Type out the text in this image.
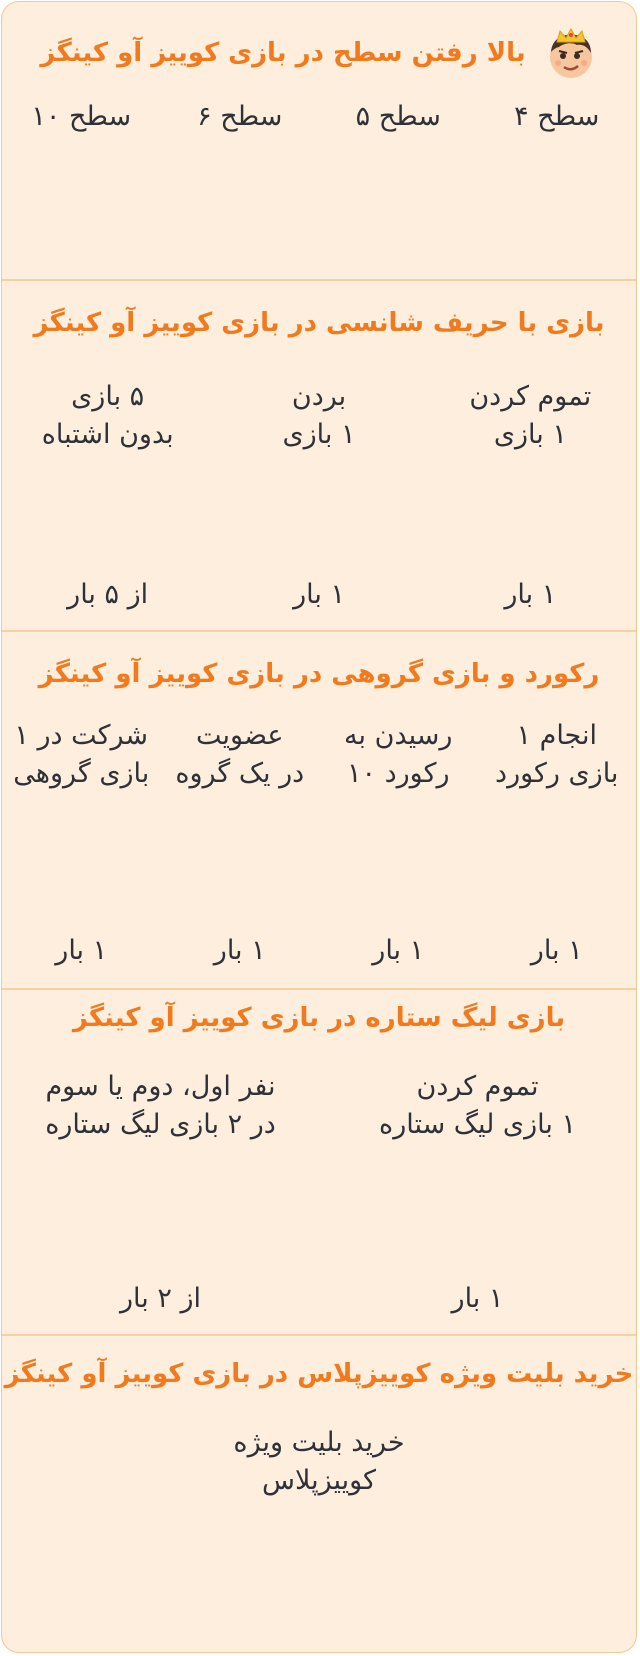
بالا رفتن سطح در بازی کوییز آو کینگز
سطح ۴
سطح ۵
سطح ۶
سطح ۱۰
بازی با حریف شانسی در بازی کوییز آو کینگز
تموم کردن
۱ بازی
بردن
۱ بازی
۵ بازی
بدون اشتباه
۱ بار
۱ بار
از ۵ بار
رکورد و بازی گروهی در بازی کوییز آو کینگز
انجام ۱
بازی رکورد
رسیدن به
رکورد ۱۰
عضویت
در یک گروه
شرکت در ۱
بازی گروهی
۱ بار
۱ بار
۱ بار
۱ بار
بازی لیگ ستاره در بازی کوییز آو کینگز
تموم کردن
۱ بازی لیگ ستاره
نفر اول، دوم یا سوم
در ۲ بازی لیگ ستاره
۱ بار
از ۲ بار
خرید بلیت ویژه کوییزپلاس در بازی کوییز آو کینگز
خرید بلیت ویژه
کوییزپلاس
